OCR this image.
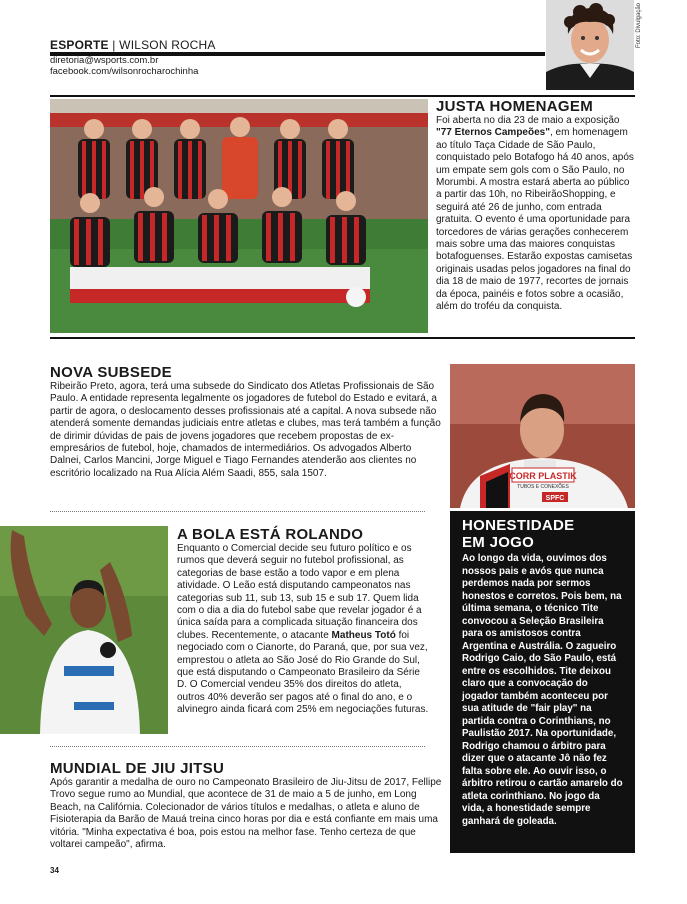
ESPORTE | WILSON ROCHA
diretoria@wsports.com.br
facebook.com/wilsonrocharochinha
Foto: Divulgação
JUSTA HOMENAGEM
Foi aberta no dia 23 de maio a exposição "77 Eternos Campeões", em homenagem ao título Taça Cidade de São Paulo, conquistado pelo Botafogo há 40 anos, após um empate sem gols com o São Paulo, no Morumbi. A mostra estará aberta ao público a partir das 10h, no RibeirãoShopping, e seguirá até 26 de junho, com entrada gratuita. O evento é uma oportunidade para torcedores de várias gerações conhecerem mais sobre uma das maiores conquistas botafoguenses. Estarão expostas camisetas originais usadas pelos jogadores na final do dia 18 de maio de 1977, recortes de jornais da época, painéis e fotos sobre a ocasião, além do troféu da conquista.
NOVA SUBSEDE
Ribeirão Preto, agora, terá uma subsede do Sindicato dos Atletas Profissionais de São Paulo. A entidade representa legalmente os jogadores de futebol do Estado e evitará, a partir de agora, o deslocamento desses profissionais até a capital. A nova subsede não atenderá somente demandas judiciais entre atletas e clubes, mas terá também a função de dirimir dúvidas de pais de jovens jogadores que recebem propostas de ex-empresários de futebol, hoje, chamados de intermediários. Os advogados Alberto Dalnei, Carlos Mancini, Jorge Miguel e Tiago Fernandes atenderão aos clientes no escritório localizado na Rua Alícia Além Saadi, 855, sala 1507.	CORR PLASTIK
TUBOS E CONEXÕES
SPFC
A BOLA ESTÁ ROLANDO
Enquanto o Comercial decide seu futuro político e os rumos que deverá seguir no futebol profissional, as categorias de base estão a todo vapor e em plena atividade. O Leão está disputando campeonatos nas categorias sub 11, sub 13, sub 15 e sub 17. Quem lida com o dia a dia do futebol sabe que revelar jogador é a única saída para a complicada situação financeira dos clubes. Recentemente, o atacante Matheus Totó foi negociado com o Cianorte, do Paraná, que, por sua vez, emprestou o atleta ao São José do Rio Grande do Sul, que está disputando o Campeonato Brasileiro da Série D. O Comercial vendeu 35% dos direitos do atleta, outros 40% deverão ser pagos até o final do ano, e o alvinegro ainda ficará com 25% em negociações futuras.
MUNDIAL DE JIU JITSU
Após garantir a medalha de ouro no Campeonato Brasileiro de Jiu-Jitsu de 2017, Fellipe Trovo segue rumo ao Mundial, que acontece de 31 de maio a 5 de junho, em Long Beach, na Califórnia. Colecionador de vários títulos e medalhas, o atleta e aluno de Fisioterapia da Barão de Mauá treina cinco horas por dia e está confiante em mais uma vitória. "Minha expectativa é boa, pois estou na melhor fase. Tenho certeza de que voltarei campeão", afirma.
HONESTIDADE
EM JOGO
Ao longo da vida, ouvimos dos nossos pais e avós que nunca perdemos nada por sermos honestos e corretos. Pois bem, na última semana, o técnico Tite convocou a Seleção Brasileira para os amistosos contra Argentina e Austrália. O zagueiro Rodrigo Caio, do São Paulo, está entre os escolhidos. Tite deixou claro que a convocação do jogador também aconteceu por sua atitude de "fair play" na partida contra o Corinthians, no Paulistão 2017. Na oportunidade, Rodrigo chamou o árbitro para dizer que o atacante Jô não fez falta sobre ele. Ao ouvir isso, o árbitro retirou o cartão amarelo do atleta corinthiano. No jogo da vida, a honestidade sempre ganhará de goleada.
34
